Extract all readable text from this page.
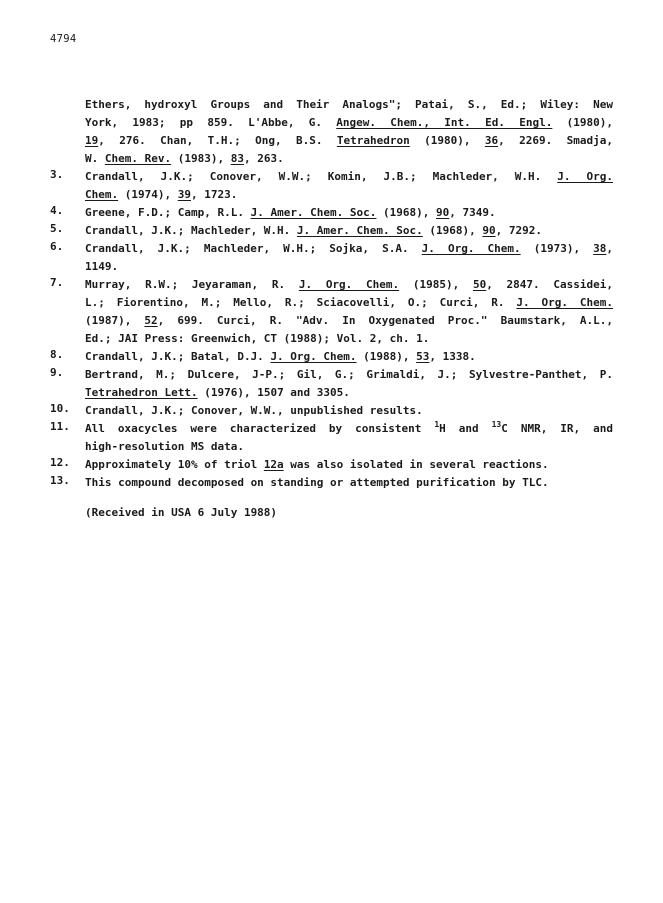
4794
Ethers, hydroxyl Groups and Their Analogs"; Patai, S., Ed.; Wiley: New
York, 1983; pp 859. L'Abbe, G. Angew. Chem., Int. Ed. Engl. (1980),
19, 276. Chan, T.H.; Ong, B.S. Tetrahedron (1980), 36, 2269. Smadja,
W. Chem. Rev. (1983), 83, 263.
3. Crandall, J.K.; Conover, W.W.; Komin, J.B.; Machleder, W.H. J. Org.
Chem. (1974), 39, 1723.
4. Greene, F.D.; Camp, R.L. J. Amer. Chem. Soc. (1968), 90, 7349.
5. Crandall, J.K.; Machleder, W.H. J. Amer. Chem. Soc. (1968), 90, 7292.
6. Crandall, J.K.; Machleder, W.H.; Sojka, S.A. J. Org. Chem. (1973), 38,
1149.
7. Murray, R.W.; Jeyaraman, R. J. Org. Chem. (1985), 50, 2847. Cassidei,
L.; Fiorentino, M.; Mello, R.; Sciacovelli, O.; Curci, R. J. Org. Chem.
(1987), 52, 699. Curci, R. "Adv. In Oxygenated Proc." Baumstark, A.L.,
Ed.; JAI Press: Greenwich, CT (1988); Vol. 2, ch. 1.
8. Crandall, J.K.; Batal, D.J. J. Org. Chem. (1988), 53, 1338.
9. Bertrand, M.; Dulcere, J-P.; Gil, G.; Grimaldi, J.; Sylvestre-Panthet, P.
Tetrahedron Lett. (1976), 1507 and 3305.
10. Crandall, J.K.; Conover, W.W., unpublished results.
11. All oxacycles were characterized by consistent $^1$H and $^{13}$C NMR, IR, and
high-resolution MS data.
12. Approximately 10% of triol 12a was also isolated in several reactions.
13. This compound decomposed on standing or attempted purification by TLC.
(Received in USA 6 July 1988)
